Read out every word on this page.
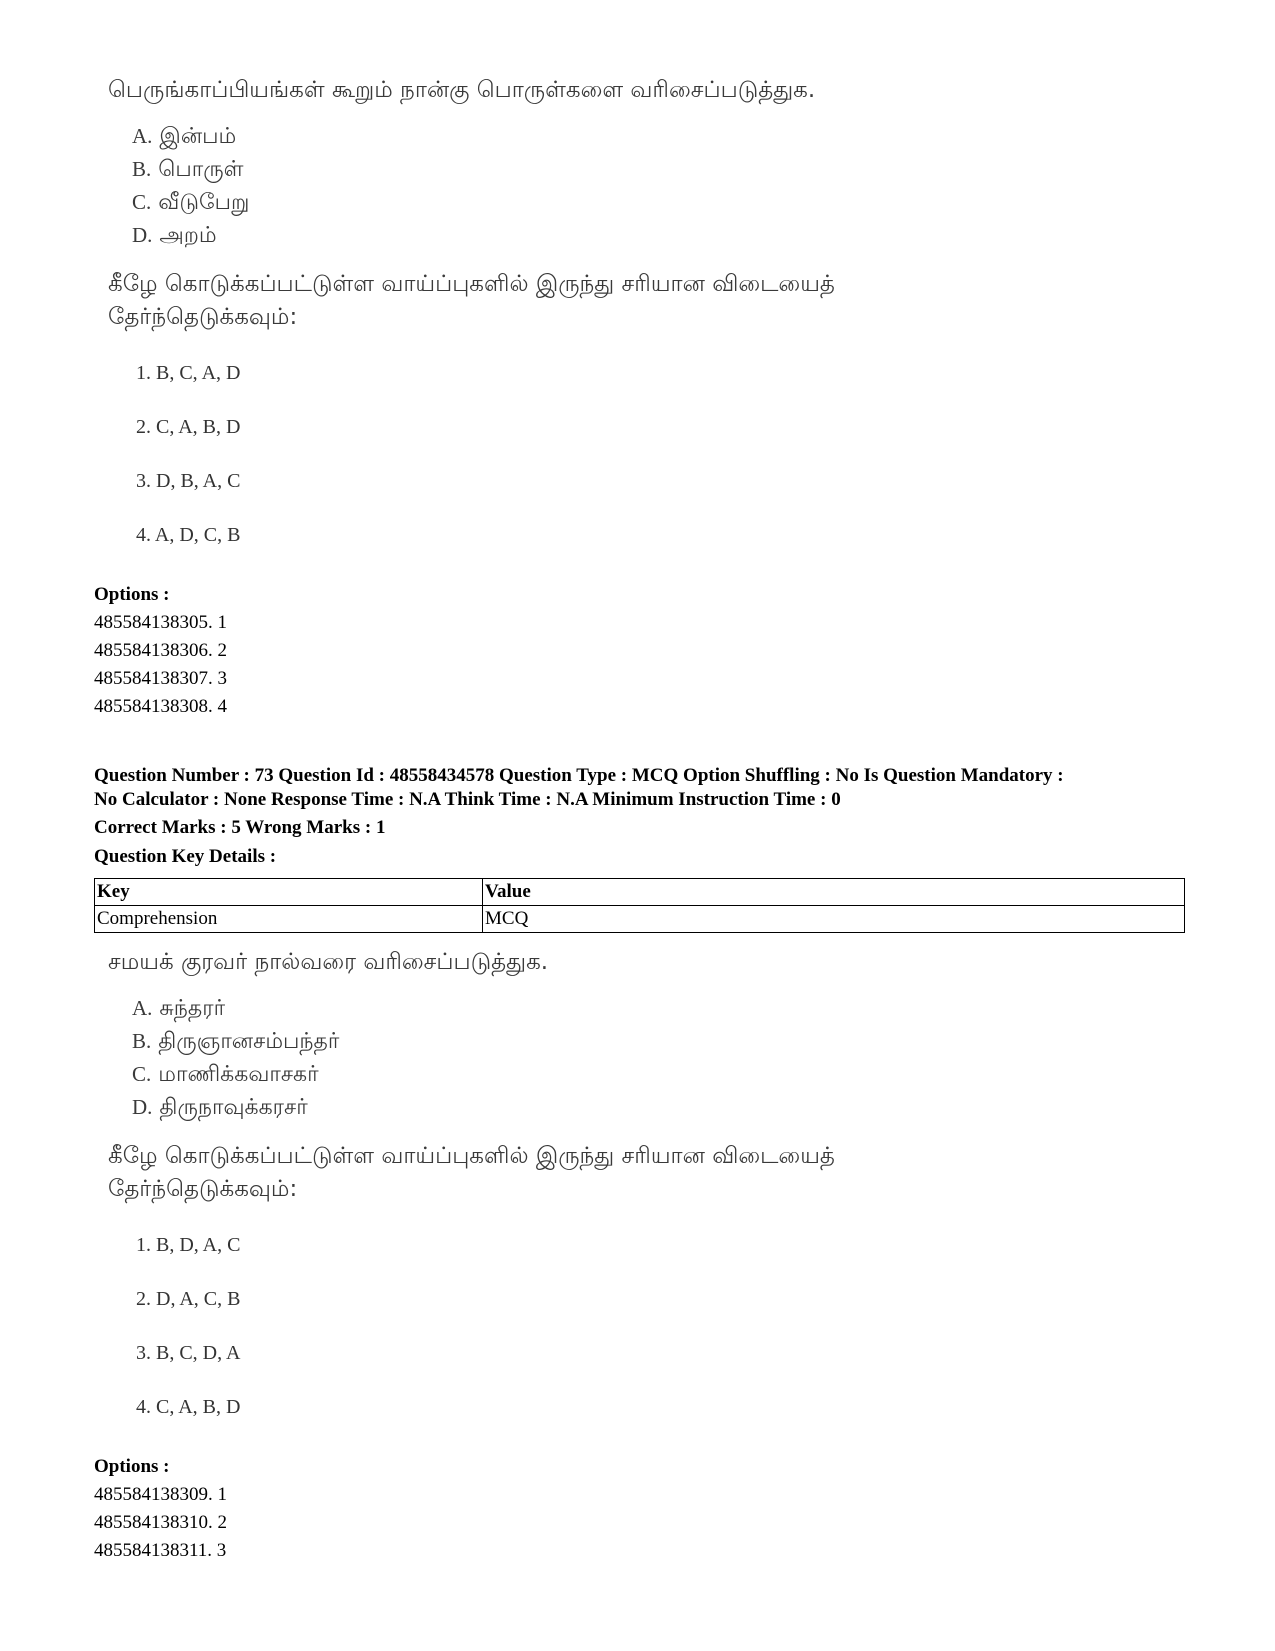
பெருங்காப்பியங்கள் கூறும் நான்கு பொருள்களை வரிசைப்படுத்துக.

A. இன்பம்
B. பொருள்
C. வீடுபேறு
D. அறம்

கீழே கொடுக்கப்பட்டுள்ள வாய்ப்புகளில் இருந்து சரியான விடையைத்
தேர்ந்தெடுக்கவும்:

1. B, C, A, D
2. C, A, B, D
3. D, B, A, C
4. A, D, C, B
Options :
485584138305. 1
485584138306. 2
485584138307. 3
485584138308. 4
Question Number : 73 Question Id : 48558434578 Question Type : MCQ Option Shuffling : No Is Question Mandatory :
No Calculator : None Response Time : N.A Think Time : N.A Minimum Instruction Time : 0
Correct Marks : 5 Wrong Marks : 1
Question Key Details :
Key	Value
Comprehension	MCQ

சமயக் குரவர் நால்வரை வரிசைப்படுத்துக.

A. சுந்தரர்
B. திருஞானசம்பந்தர்
C. மாணிக்கவாசகர்
D. திருநாவுக்கரசர்

கீழே கொடுக்கப்பட்டுள்ள வாய்ப்புகளில் இருந்து சரியான விடையைத்
தேர்ந்தெடுக்கவும்:

1. B, D, A, C
2. D, A, C, B
3. B, C, D, A
4. C, A, B, D
Options :
485584138309. 1
485584138310. 2
485584138311. 3
